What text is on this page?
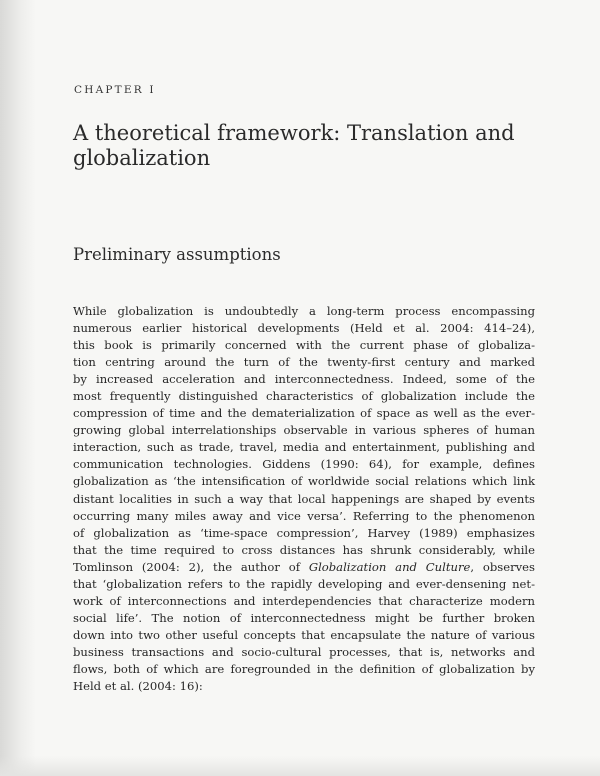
CHAPTER I
A theoretical framework: Translation and
globalization
Preliminary assumptions
While globalization is undoubtedly a long-term process encompassing
numerous earlier historical developments (Held et al. 2004: 414–24),
this book is primarily concerned with the current phase of globaliza-
tion centring around the turn of the twenty-first century and marked
by increased acceleration and interconnectedness. Indeed, some of the
most frequently distinguished characteristics of globalization include the
compression of time and the dematerialization of space as well as the ever-
growing global interrelationships observable in various spheres of human
interaction, such as trade, travel, media and entertainment, publishing and
communication technologies. Giddens (1990: 64), for example, defines
globalization as ‘the intensification of worldwide social relations which link
distant localities in such a way that local happenings are shaped by events
occurring many miles away and vice versa’. Referring to the phenomenon
of globalization as ‘time-space compression’, Harvey (1989) emphasizes
that the time required to cross distances has shrunk considerably, while
Tomlinson (2004: 2), the author of Globalization and Culture, observes
that ‘globalization refers to the rapidly developing and ever-densening net-
work of interconnections and interdependencies that characterize modern
social life’. The notion of interconnectedness might be further broken
down into two other useful concepts that encapsulate the nature of various
business transactions and socio-cultural processes, that is, networks and
flows, both of which are foregrounded in the definition of globalization by
Held et al. (2004: 16):
